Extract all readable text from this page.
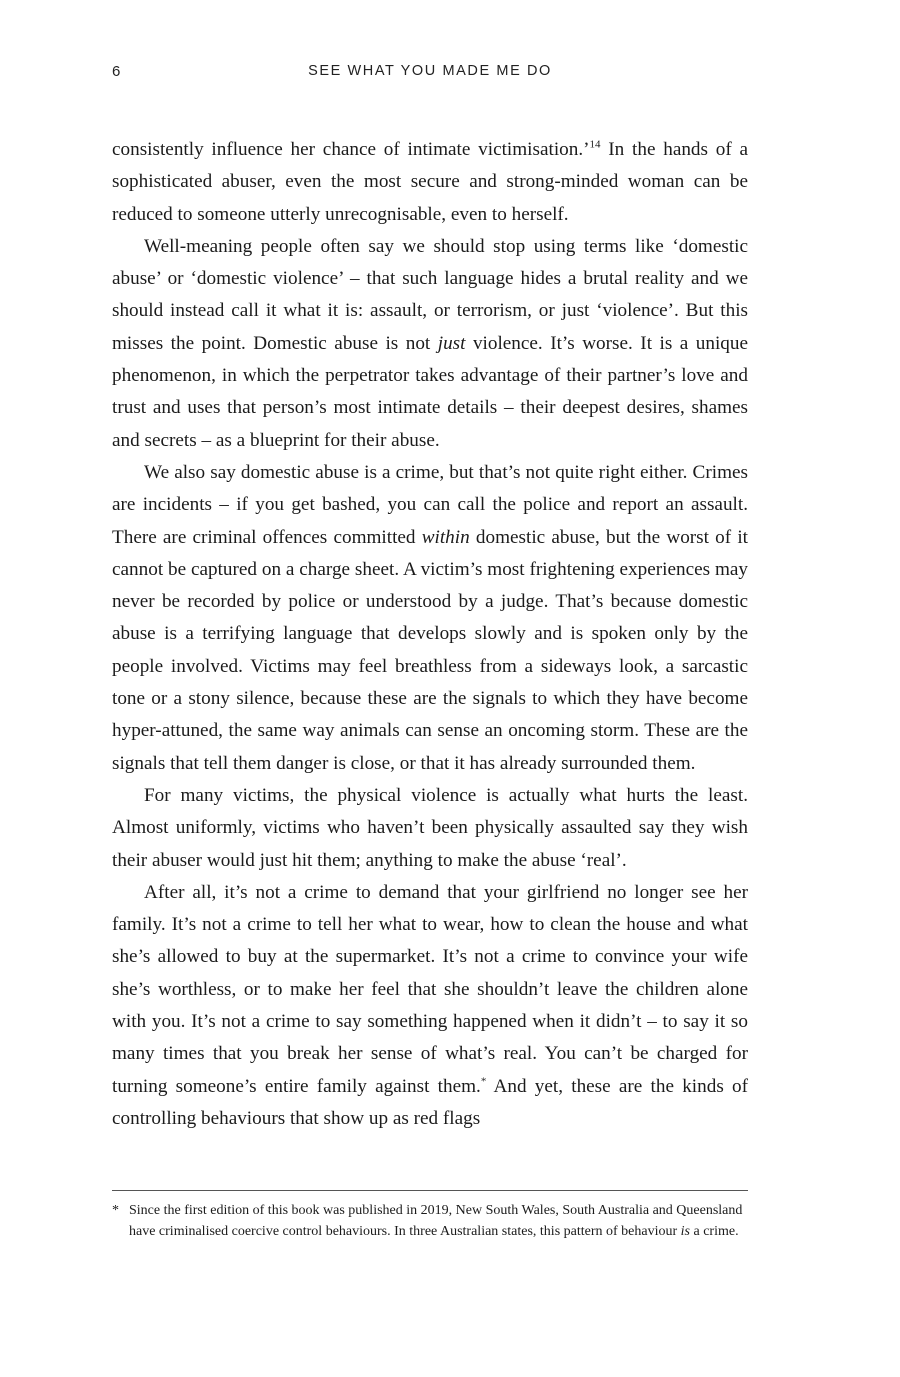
6	SEE WHAT YOU MADE ME DO

consistently influence her chance of intimate victimisation.’$^{14}$ In the hands of a sophisticated abuser, even the most secure and strong-minded woman can be reduced to someone utterly unrecognisable, even to herself.

Well-meaning people often say we should stop using terms like ‘domestic abuse’ or ‘domestic violence’ – that such language hides a brutal reality and we should instead call it what it is: assault, or terrorism, or just ‘violence’. But this misses the point. Domestic abuse is not just violence. It’s worse. It is a unique phenomenon, in which the perpetrator takes advantage of their partner’s love and trust and uses that person’s most intimate details – their deepest desires, shames and secrets – as a blueprint for their abuse.

We also say domestic abuse is a crime, but that’s not quite right either. Crimes are incidents – if you get bashed, you can call the police and report an assault. There are criminal offences committed within domestic abuse, but the worst of it cannot be captured on a charge sheet. A victim’s most frightening experiences may never be recorded by police or understood by a judge. That’s because domestic abuse is a terrifying language that develops slowly and is spoken only by the people involved. Victims may feel breathless from a sideways look, a sarcastic tone or a stony silence, because these are the signals to which they have become hyper-attuned, the same way animals can sense an oncoming storm. These are the signals that tell them danger is close, or that it has already surrounded them.

For many victims, the physical violence is actually what hurts the least. Almost uniformly, victims who haven’t been physically assaulted say they wish their abuser would just hit them; anything to make the abuse ‘real’.

After all, it’s not a crime to demand that your girlfriend no longer see her family. It’s not a crime to tell her what to wear, how to clean the house and what she’s allowed to buy at the supermarket. It’s not a crime to convince your wife she’s worthless, or to make her feel that she shouldn’t leave the children alone with you. It’s not a crime to say something happened when it didn’t – to say it so many times that you break her sense of what’s real. You can’t be charged for turning someone’s entire family against them.* And yet, these are the kinds of controlling behaviours that show up as red flags

* Since the first edition of this book was published in 2019, New South Wales, South Australia and Queensland have criminalised coercive control behaviours. In three Australian states, this pattern of behaviour is a crime.
